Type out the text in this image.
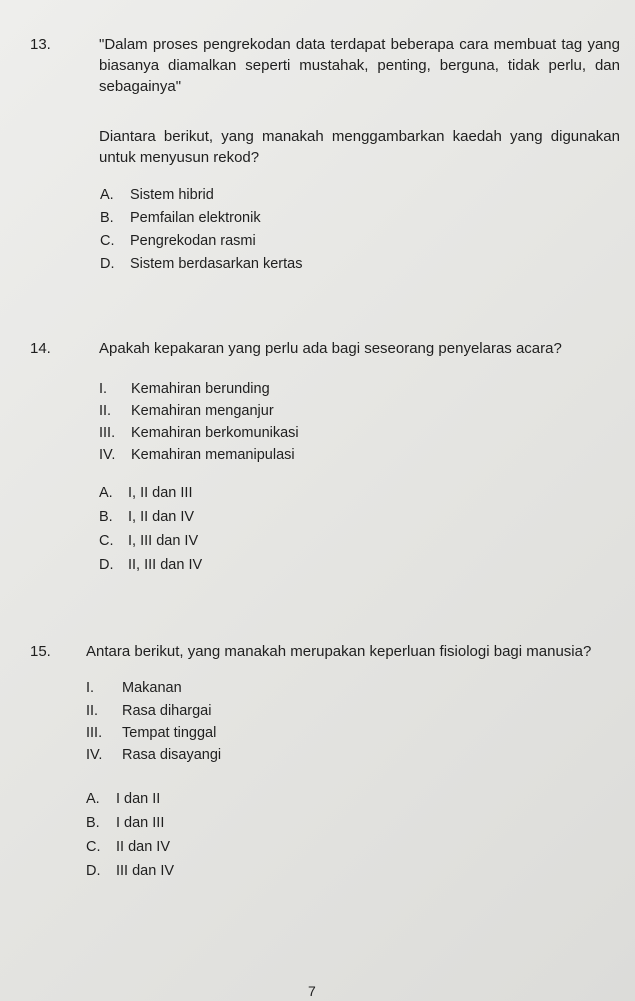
13.	"Dalam proses pengrekodan data terdapat beberapa cara membuat tag yang
biasanya diamalkan seperti mustahak, penting, berguna, tidak perlu, dan
sebagainya"
Diantara berikut, yang manakah menggambarkan kaedah yang digunakan
untuk menyusun rekod?
A. Sistem hibrid
B. Pemfailan elektronik
C. Pengrekodan rasmi
D. Sistem berdasarkan kertas
14.	Apakah kepakaran yang perlu ada bagi seseorang penyelaras acara?
I. Kemahiran berunding
II. Kemahiran menganjur
III. Kemahiran berkomunikasi
IV. Kemahiran memanipulasi
A. I, II dan III
B. I, II dan IV
C. I, III dan IV
D. II, III dan IV
15. Antara berikut, yang manakah merupakan keperluan fisiologi bagi manusia?
I. Makanan
II. Rasa dihargai
III. Tempat tinggal
IV. Rasa disayangi
A. I dan II
B. I dan III
C. II dan IV
D. III dan IV
7
